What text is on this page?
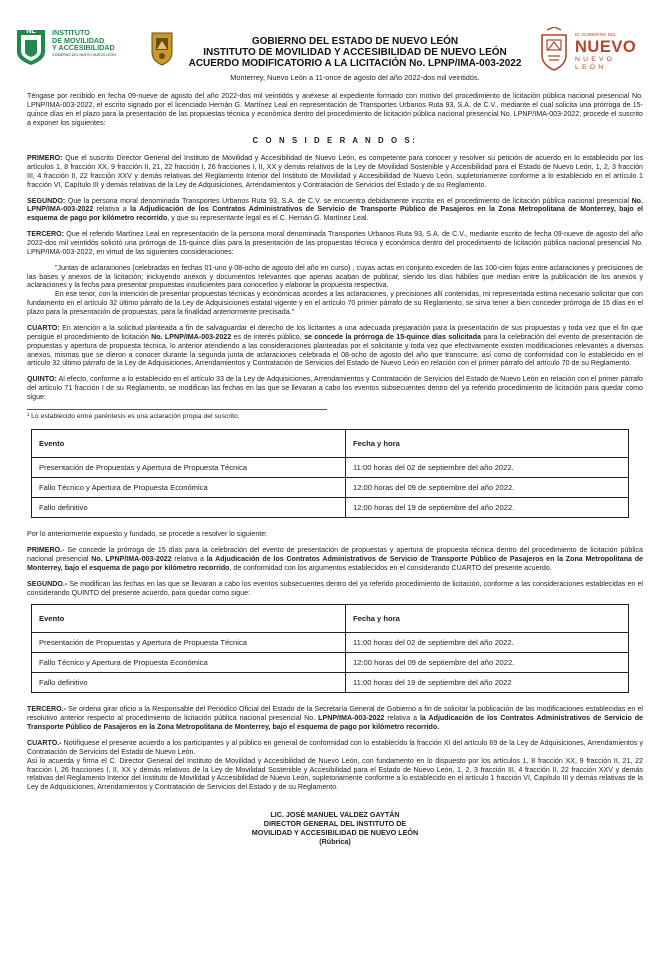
NL INSTITUTO
DE MOVILIDAD
Y ACCESIBILIDAD
GOBIERNO DEL NUEVO NUEVO LEÓN
GOBIERNO DEL ESTADO DE NUEVO LEÓN
INSTITUTO DE MOVILIDAD Y ACCESIBILIDAD DE NUEVO LEÓN
ACUERDO MODIFICATORIO A LA LICITACIÓN No. LPNP/IMA-003-2022
Monterrey, Nuevo León a 11-once de agosto del año 2022-dos mil veintidós.
EL GOBIERNO DEL
NUEVO
NUEVO LEÓN

Téngase por recibido en fecha 09-nueve de agosto del año 2022-dos mil veintidós y anéxese al expediente formado con motivo del procedimiento de licitación pública nacional presencial No. LPNP/IMA-003-2022, el escrito signado por el licenciado Hernán G. Martínez Leal en representación de Transportes Urbanos Ruta 93, S.A. de C.V., mediante el cual solicita una prórroga de 15-quince días en el plazo para la presentación de las propuestas técnica y económica dentro del procedimiento de licitación pública nacional presencial No. LPNP/IMA-003-2022, procede el suscrito a exponer los siguientes:

C O N S I D E R A N D O S:

PRIMERO: Que el suscrito Director General del Instituto de Movilidad y Accesibilidad de Nuevo León, es competente para conocer y resolver su petición de acuerdo en lo establecido por los artículos 1, 8 fracción XX, 9 fracción II, 21, 22 fracción I, 26 fracciones I, II, XX y demás relativos de la Ley de Movilidad Sostenible y Accesibilidad para el Estado de Nuevo León, 1, 2, 3 fracción III, 4 fracción II, 22 fracción XXV y demás relativas del Reglamento Interior del Instituto de Movilidad y Accesibilidad de Nuevo León, supletoriamente conforme a lo establecido en el artículo 1 fracción VI, Capítulo III y demás relativas de la Ley de Adquisiciones, Arrendamientos y Contratación de Servicios del Estado y de su Reglamento.

SEGUNDO: Que la persona moral denominada Transportes Urbanos Ruta 93, S.A. de C.V. se encuentra debidamente inscrita en el procedimiento de licitación pública nacional presencial No. LPNP/IMA-003-2022 relativa a la Adjudicación de los Contratos Administrativos de Servicio de Transporte Público de Pasajeros en la Zona Metropolitana de Monterrey, bajo el esquema de pago por kilómetro recorrido, y que su representante legal es el C. Hernán G. Martínez Leal.

TERCERO: Que el referido Martínez Leal en representación de la persona moral denominada Transportes Urbanos Ruta 93, S.A. de C.V., mediante escrito de fecha 09-nueve de agosto del año 2022-dos mil veintidós solicitó una prórroga de 15-quince días para la presentación de las propuestas técnica y económica dentro del procedimiento de licitación pública nacional presencial No. LPNP/IMA-003-2022, en virtud de las siguientes consideraciones:

"Juntas de aclaraciones (celebradas en fechas 01-uno y 08-ocho de agosto del año en curso) , cuyas actas en conjunto exceden de las 100-cien fojas entre aclaraciones y precisiones de las bases y anexos de la licitación; incluyendo anexos y documentos relevantes que apenas acaban de publicar, siendo los días hábiles que median entre la publicación de los anexos y aclaraciones y la fecha para presentar propuestas insuficientes para conocerlos y elaborar la propuesta respectiva.
En ese tenor, con la intención de presentar propuestas técnicas y económicas acordes a las aclaraciones, y precisiones allí contenidas, mi representada estima necesario solicitar que con fundamento en el artículo 32 último párrafo de la Ley de Adquisiciones estatal vigente y en el artículo 70 primer párrafo de su Reglamento, se sirva tener a bien conceder prórroga de 15 días en el plazo para la presentación de propuestas, para la finalidad anteriormente precisada."

CUARTO: En atención a la solicitud planteada a fin de salvaguardar el derecho de los licitantes a una adecuada preparación para la presentación de sus propuestas y toda vez que el fin que persigue el procedimiento de licitación No. LPNP/IMA-003-2022 es de interés público, se concede la prórroga de 15-quince días solicitada para la celebración del evento de presentación de propuestas y apertura de propuesta técnica, lo anterior atendiendo a las consideraciones planteadas por el solicitante y toda vez que efectivamente existen modificaciones relevantes a diversos anexos, mismas que se dieron a conocer durante la segunda junta de aclaraciones celebrada el 08-ocho de agosto del año que transcurre, así como de conformidad con lo establecido en el artículo 32 último párrafo de la Ley de Adquisiciones, Arrendamientos y Contratación de Servicios del Estado de Nuevo León en relación con el primer párrafo del artículo 70 de su Reglamento.

QUINTO: Al efecto, conforme a lo establecido en el artículo 33 de la Ley de Adquisiciones, Arrendamientos y Contratación de Servicios del Estado de Nuevo León en relación con el primer párrafo del artículo 71 fracción I de su Reglamento, se modifican las fechas en las que se llevaran a cabo los eventos subsecuentes dentro del ya referido procedimiento de licitación para quedar como sigue:

¹ Lo establecido entre paréntesis es una aclaración propia del suscrito.
Evento	Fecha y hora
Presentación de Propuestas y Apertura de Propuesta Técnica	11:00 horas del 02 de septiembre del año 2022.
Fallo Técnico y Apertura de Propuesta Económica	12:00 horas del 09 de septiembre del año 2022.
Fallo definitivo	12:00 horas del 19 de septiembre del año 2022.

Por lo anteriormente expuesto y fundado, se procede a resolver lo siguiente:

PRIMERO.- Se concede la prórroga de 15 días para la celebración del evento de presentación de propuestas y apertura de propuesta técnica dentro del procedimiento de licitación pública nacional presencial No. LPNP/IMA-003-2022 relativa a la Adjudicación de los Contratos Administrativos de Servicio de Transporte Público de Pasajeros en la Zona Metropolitana de Monterrey, bajo el esquema de pago por kilómetro recorrido, de conformidad con los argumentos establecidos en el considerando CUARTO del presente acuerdo.

SEGUNDO.- Se modifican las fechas en las que se llevaran a cabo los eventos subsecuentes dentro del ya referido procedimiento de licitación, conforme a las consideraciones establecidas en el considerando QUINTO del presente acuerdo, para quedar como sigue:

Evento	Fecha y hora
Presentación de Propuestas y Apertura de Propuesta Técnica	11:00 horas del 02 de septiembre del año 2022.
Fallo Técnico y Apertura de Propuesta Económica	12:00 horas del 09 de septiembre del año 2022.
Fallo definitivo	11:00 horas del 19 de septiembre del año 2022

TERCERO.- Se ordena girar oficio a la Responsable del Periódico Oficial del Estado de la Secretaría General de Gobierno a fin de solicitar la publicación de las modificaciones establecidas en el resolutivo anterior respecto al procedimiento de licitación pública nacional presencial No. LPNP/IMA-003-2022 relativa a la Adjudicación de los Contratos Administrativos de Servicio de Transporte Público de Pasajeros en la Zona Metropolitana de Monterrey, bajo el esquema de pago por kilómetro recorrido.

CUARTO.- Notifíquese el presente acuerdo a los participantes y al público en general de conformidad con lo establecido la fracción XI del artículo 69 de la Ley de Adquisiciones, Arrendamientos y Contratación de Servicios del Estado de Nuevo León.
Así lo acuerda y firma el C. Director General del Instituto de Movilidad y Accesibilidad de Nuevo León, con fundamento en lo dispuesto por los artículos 1, 8 fracción XX, 9 fracción II, 21, 22 fracción I, 26 fracciones I, II, XX y demás relativos de la Ley de Movilidad Sostenible y Accesibilidad para el Estado de Nuevo León, 1, 2, 3 fracción III, 4 fracción II, 22 fracción XXV y demás relativas del Reglamento Interior del Instituto de Movilidad y Accesibilidad de Nuevo León, supletoriamente conforme a lo establecido en el artículo 1 fracción VI, Capítulo III y demás relativas de la Ley de Adquisiciones, Arrendamientos y Contratación de Servicios del Estado y de su Reglamento.

LIC. JOSÉ MANUEL VALDEZ GAYTÁN
DIRECTOR GENERAL DEL INSTITUTO DE
MOVILIDAD Y ACCESIBILIDAD DE NUEVO LEÓN
(Rúbrica)
